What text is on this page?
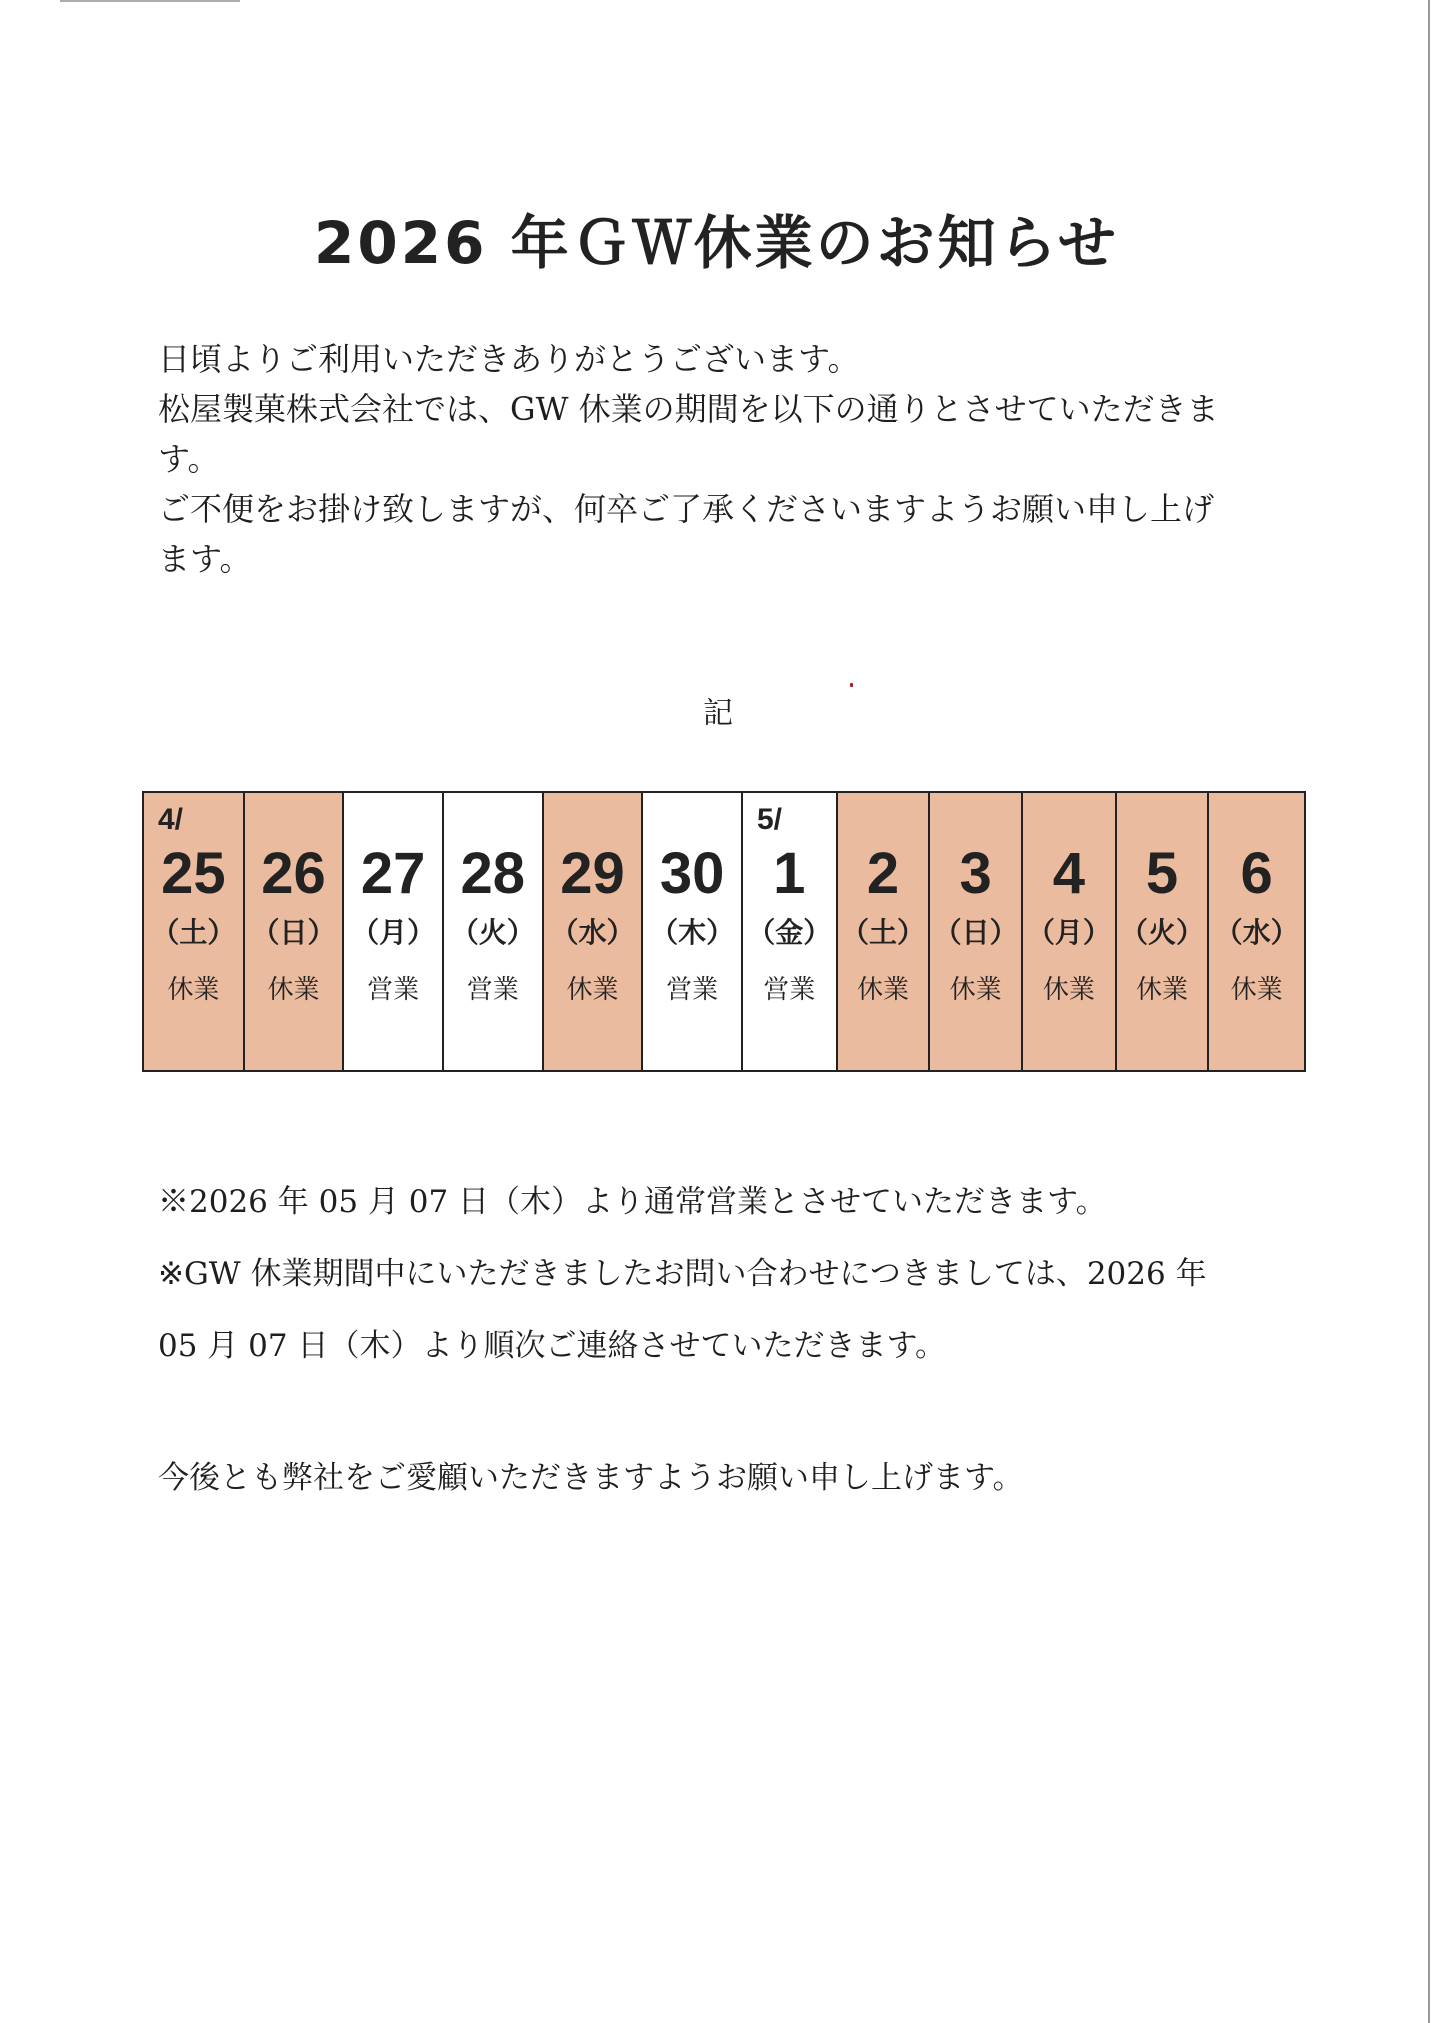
2026 年ＧＷ休業のお知らせ

日頃よりご利用いただきありがとうございます。

松屋製菓株式会社では、GW 休業の期間を以下の通りとさせていただきま

す。

ご不便をお掛け致しますが、何卒ご了承くださいますようお願い申し上げ

ます。

記
4/
25
（土）
休業
26
（日）
休業
27
（月）
営業
28
（火）
営業
29
（水）
休業
30
（木）
営業
5/
1
（金）
営業
2
（土）
休業
3
（日）
休業
4
（月）
休業
5
（火）
休業
6
（水）
休業

※2026 年 05 月 07 日（木）より通常営業とさせていただきます。

※GW 休業期間中にいただきましたお問い合わせにつきましては、2026 年

05 月 07 日（木）より順次ご連絡させていただきます。

今後とも弊社をご愛顧いただきますようお願い申し上げます。
